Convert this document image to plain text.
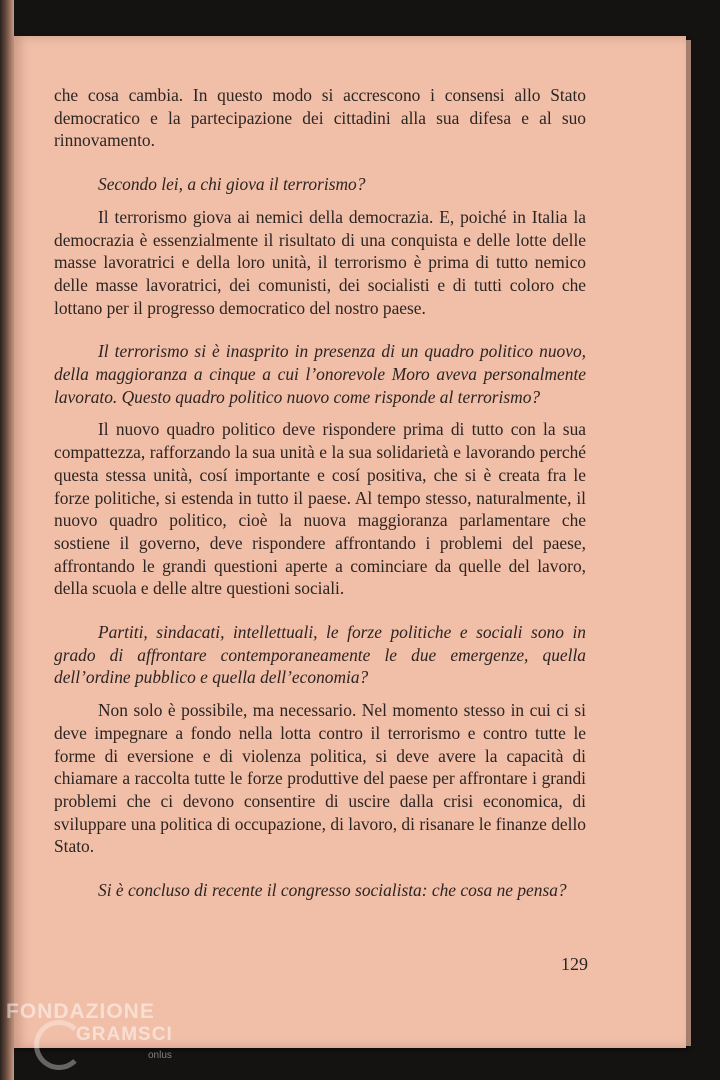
che cosa cambia. In questo modo si accrescono i consensi allo Stato democratico e la partecipazione dei cittadini alla sua difesa e al suo rinnovamento.

Secondo lei, a chi giova il terrorismo?

Il terrorismo giova ai nemici della democrazia. E, poiché in Italia la democrazia è essenzialmente il risultato di una conquista e delle lotte delle masse lavoratrici e della loro unità, il terrorismo è prima di tutto nemico delle masse lavoratrici, dei comunisti, dei socialisti e di tutti coloro che lottano per il progresso democratico del nostro paese.

Il terrorismo si è inasprito in presenza di un quadro politico nuovo, della maggioranza a cinque a cui l’onorevole Moro aveva personalmente lavorato. Questo quadro politico nuovo come risponde al terrorismo?

Il nuovo quadro politico deve rispondere prima di tutto con la sua compattezza, rafforzando la sua unità e la sua solidarietà e lavorando perché questa stessa unità, cosí importante e cosí positiva, che si è creata fra le forze politiche, si estenda in tutto il paese. Al tempo stesso, naturalmente, il nuovo quadro politico, cioè la nuova maggioranza parlamentare che sostiene il governo, deve rispondere affrontando i problemi del paese, affrontando le grandi questioni aperte a cominciare da quelle del lavoro, della scuola e delle altre questioni sociali.

Partiti, sindacati, intellettuali, le forze politiche e sociali sono in grado di affrontare contemporaneamente le due emergenze, quella dell’ordine pubblico e quella dell’economia?

Non solo è possibile, ma necessario. Nel momento stesso in cui ci si deve impegnare a fondo nella lotta contro il terrorismo e contro tutte le forme di eversione e di violenza politica, si deve avere la capacità di chiamare a raccolta tutte le forze produttive del paese per affrontare i grandi problemi che ci devono consentire di uscire dalla crisi economica, di sviluppare una politica di occupazione, di lavoro, di risanare le finanze dello Stato.

Si è concluso di recente il congresso socialista: che cosa ne pensa?

129
FONDAZIONE
GRAMSCI
onlus
